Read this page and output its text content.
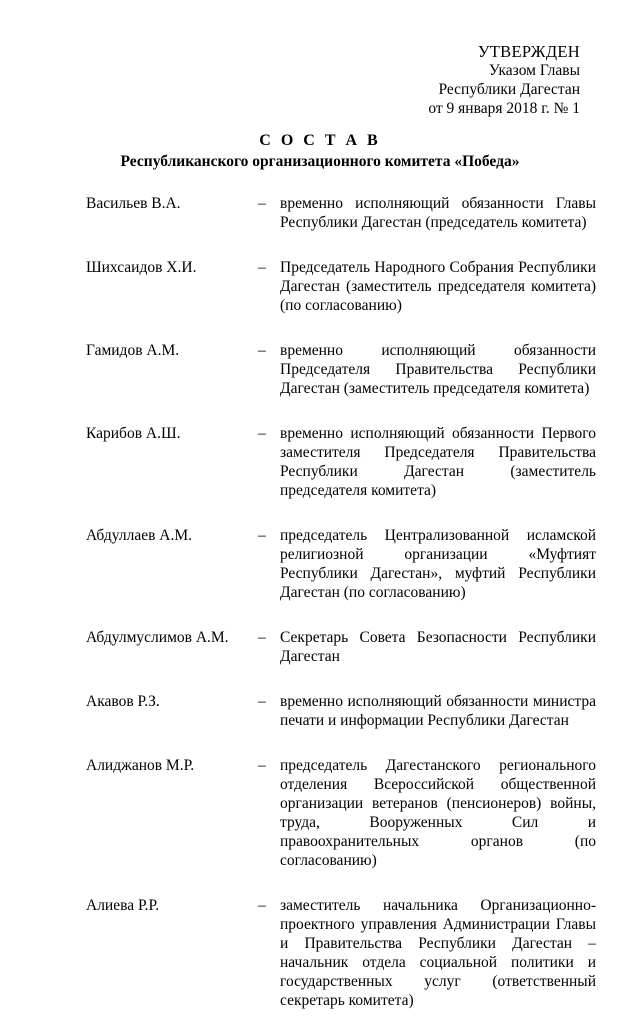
УТВЕРЖДЕН
Указом Главы
Республики Дагестан
от 9 января 2018 г. № 1
С О С Т А В
Республиканского организационного комитета «Победа»
Васильев В.А.	– временно исполняющий обязанности Главы Республики Дагестан (председатель комитета)
Шихсаидов Х.И.	– Председатель Народного Собрания Республики Дагестан (заместитель председателя комитета) (по согласованию)
Гамидов А.М.	– временно исполняющий обязанности Председателя Правительства Республики Дагестан (заместитель председателя комитета)
Карибов А.Ш.	– временно исполняющий обязанности Первого заместителя Председателя Правительства Республики Дагестан (заместитель председателя комитета)
Абдуллаев А.М.	– председатель Централизованной исламской религиозной организации «Муфтият Республики Дагестан», муфтий Республики Дагестан (по согласованию)
Абдулмуслимов А.М.	– Секретарь Совета Безопасности Республики Дагестан
Акавов Р.З.	– временно исполняющий обязанности министра печати и информации Республики Дагестан
Алиджанов М.Р.	– председатель Дагестанского регионального отделения Всероссийской общественной организации ветеранов (пенсионеров) войны, труда, Вооруженных Сил и правоохранительных органов (по согласованию)
Алиева Р.Р.	– заместитель начальника Организационно-проектного управления Администрации Главы и Правительства Республики Дагестан – начальник отдела социальной политики и государственных услуг (ответственный секретарь комитета)
